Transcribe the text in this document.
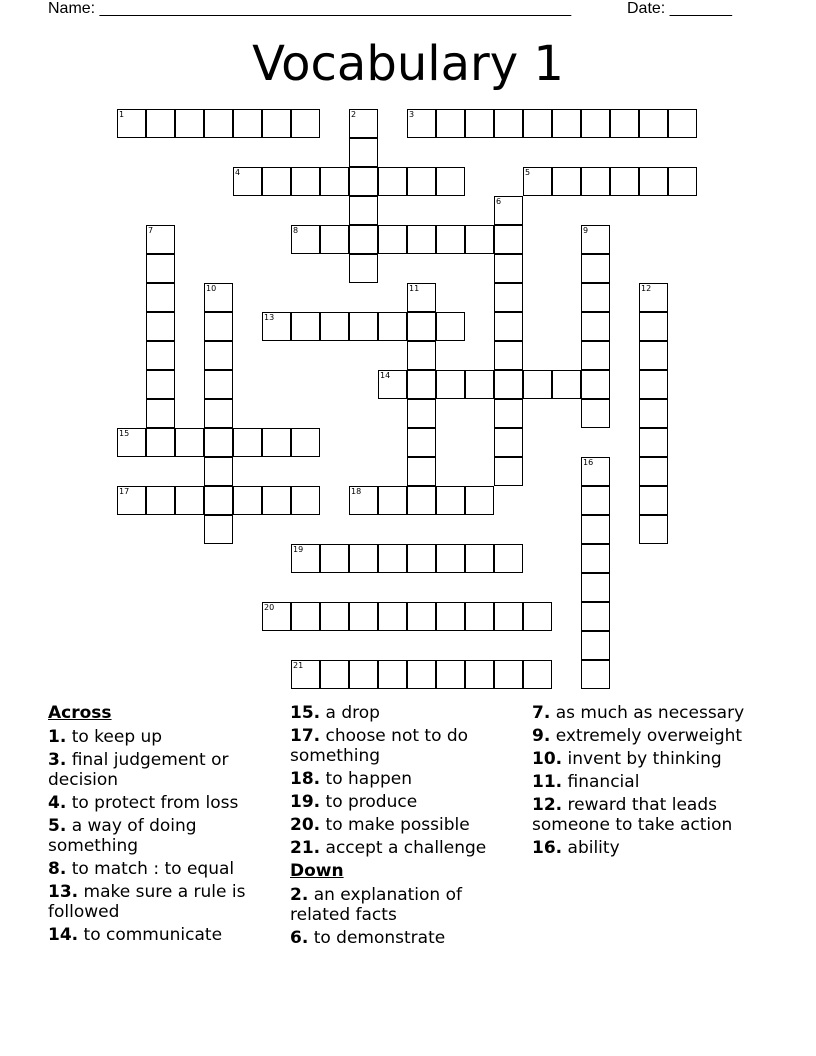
Name: _____________________________________________________	Date: _______
Vocabulary 1
1	2	3
4	5
6
7	8	9
10	11	12
13
14
15
16
17	18
19
20
21
Across
1. to keep up
3. final judgement or decision
4. to protect from loss
5. a way of doing something
8. to match : to equal
13. make sure a rule is followed
14. to communicate
15. a drop
17. choose not to do something
18. to happen
19. to produce
20. to make possible
21. accept a challenge
Down
2. an explanation of related facts
6. to demonstrate
7. as much as necessary
9. extremely overweight
10. invent by thinking
11. financial
12. reward that leads someone to take action
16. ability
